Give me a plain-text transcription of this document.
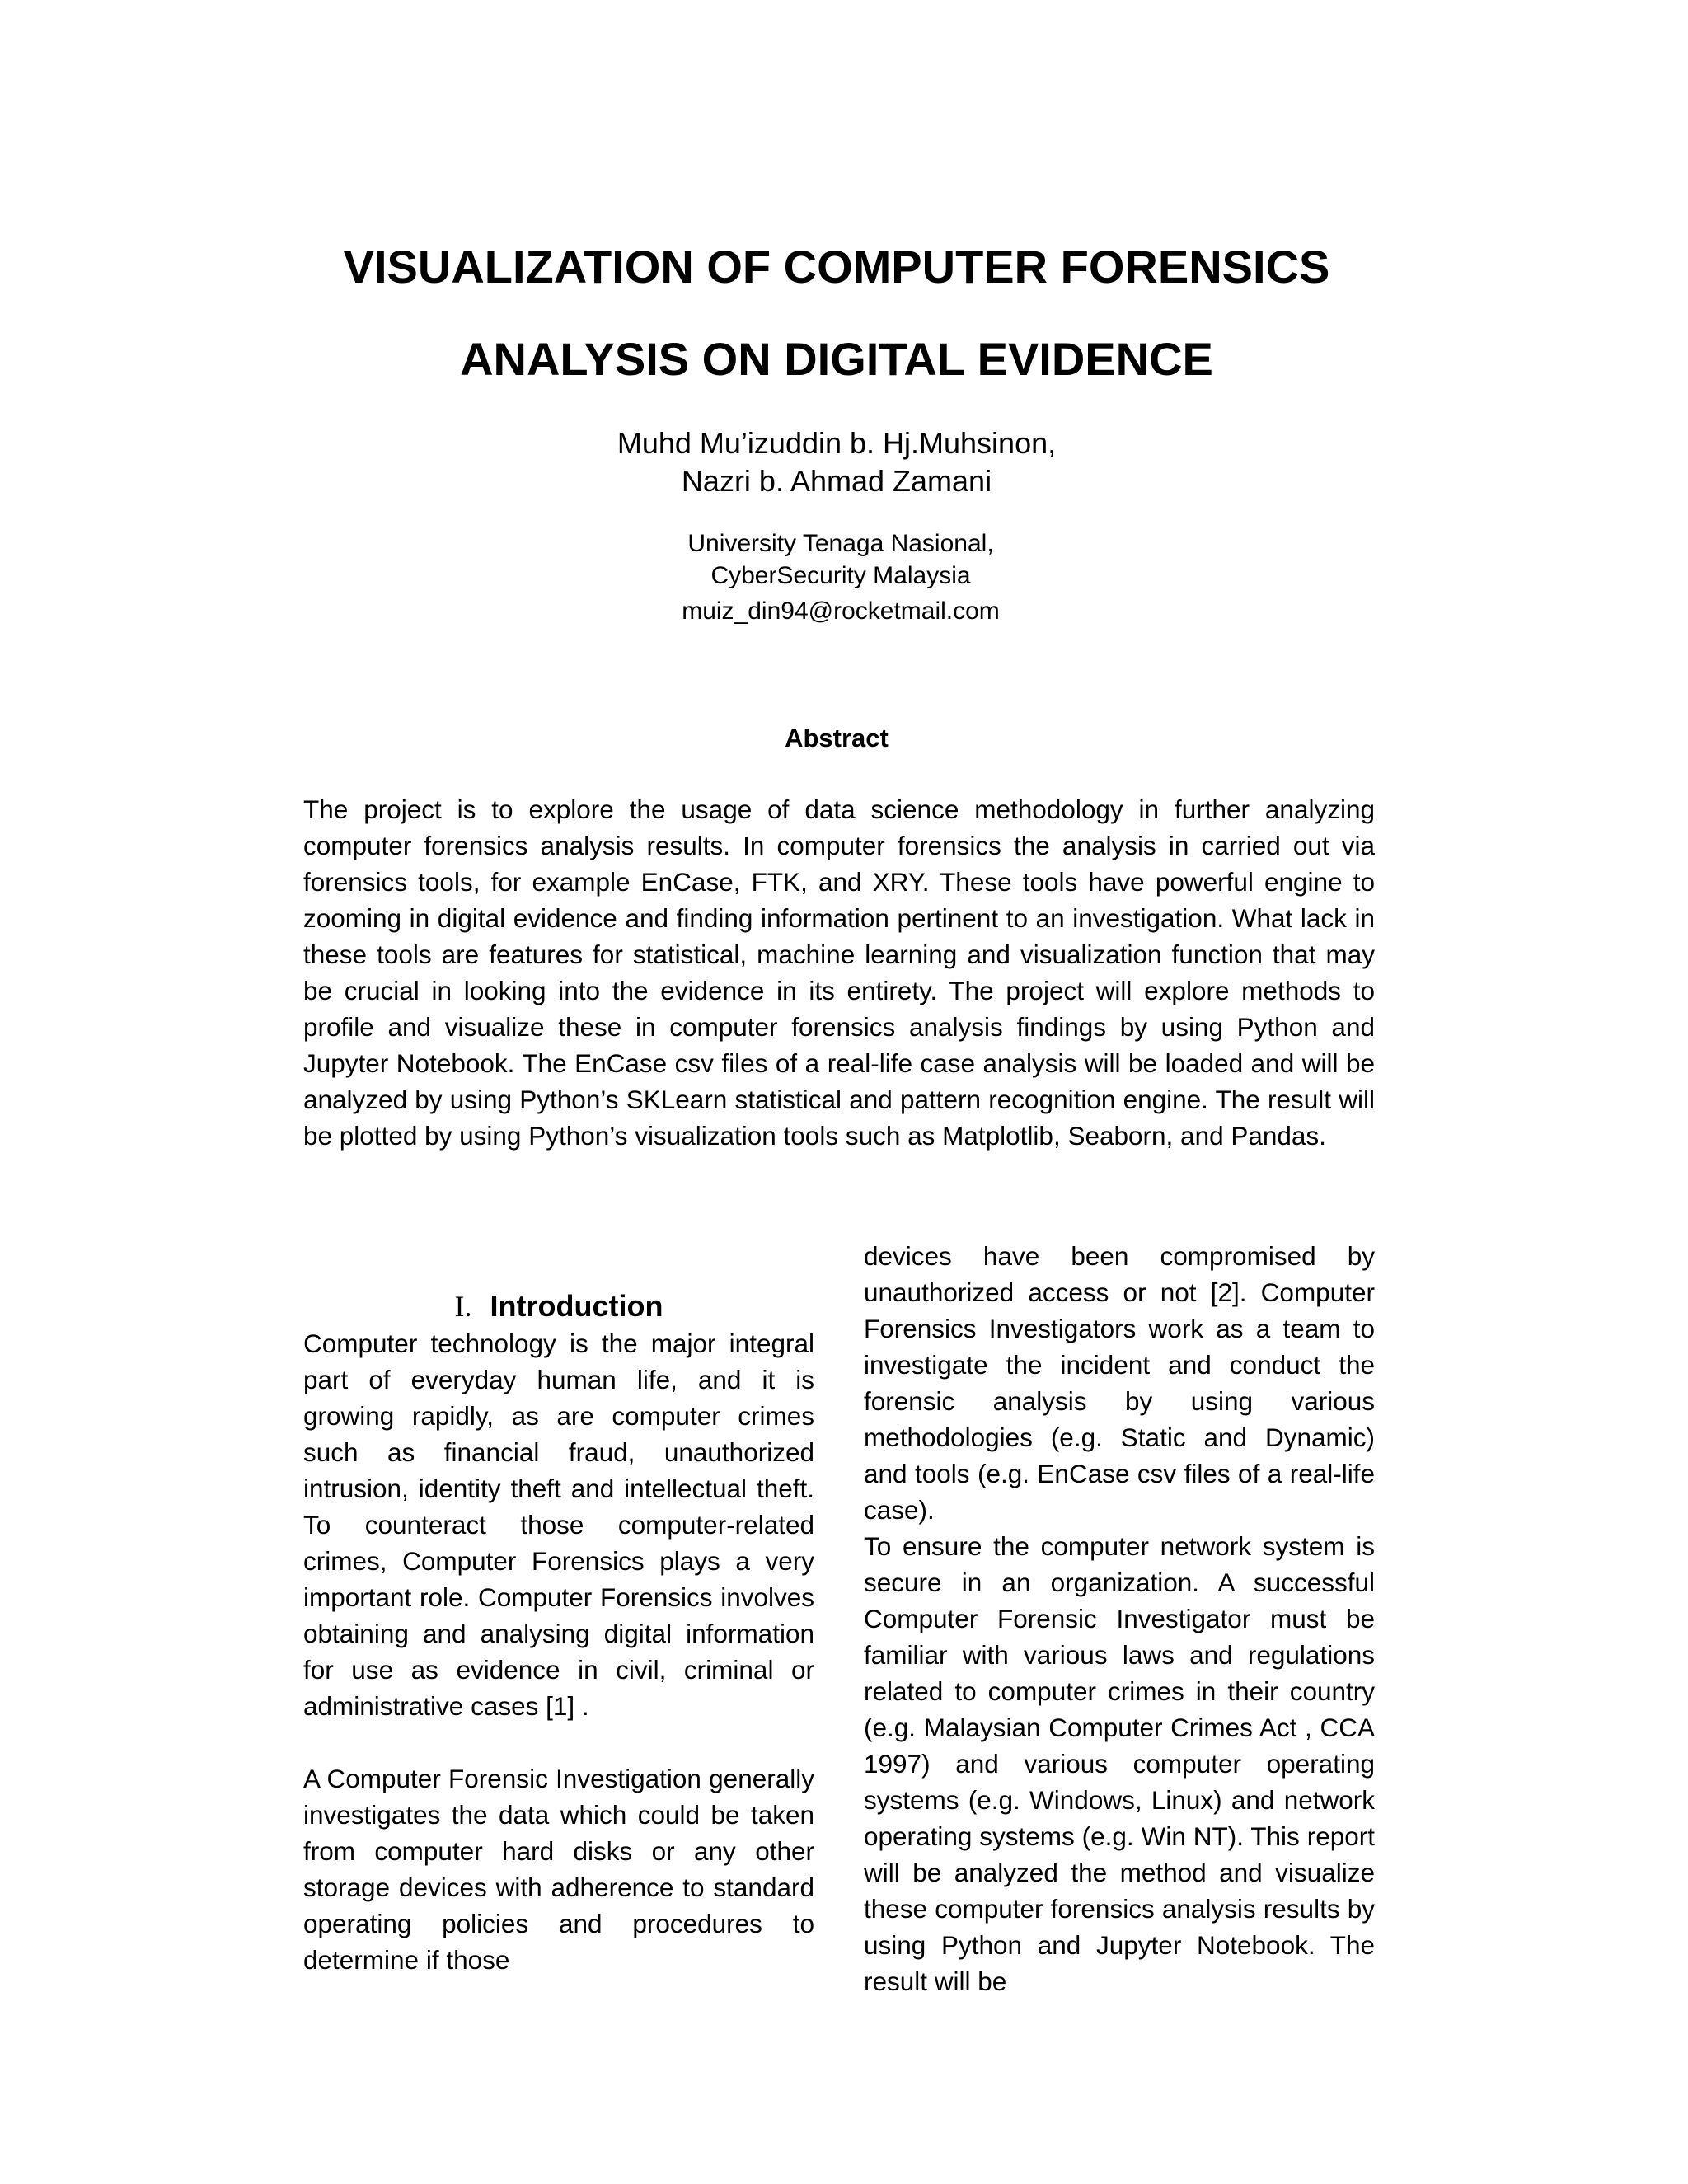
VISUALIZATION OF COMPUTER FORENSICS
ANALYSIS ON DIGITAL EVIDENCE
Muhd Mu’izuddin b. Hj.Muhsinon,
Nazri b. Ahmad Zamani
University Tenaga Nasional,
CyberSecurity Malaysia
muiz_din94@rocketmail.com
Abstract

The project is to explore the usage of data science methodology in further analyzing computer forensics analysis results. In computer forensics the analysis in carried out via forensics tools, for example EnCase, FTK, and XRY. These tools have powerful engine to zooming in digital evidence and finding information pertinent to an investigation. What lack in these tools are features for statistical, machine learning and visualization function that may be crucial in looking into the evidence in its entirety. The project will explore methods to profile and visualize these in computer forensics analysis findings by using Python and Jupyter Notebook. The EnCase csv files of a real-life case analysis will be loaded and will be analyzed by using Python’s SKLearn statistical and pattern recognition engine. The result will be plotted by using Python’s visualization tools such as Matplotlib, Seaborn, and Pandas.

I. Introduction

Computer technology is the major integral part of everyday human life, and it is growing rapidly, as are computer crimes such as financial fraud, unauthorized intrusion, identity theft and intellectual theft. To counteract those computer-related crimes, Computer Forensics plays a very important role. Computer Forensics involves obtaining and analysing digital information for use as evidence in civil, criminal or administrative cases [1] .

A Computer Forensic Investigation generally investigates the data which could be taken from computer hard disks or any other storage devices with adherence to standard operating policies and procedures to determine if those

devices have been compromised by unauthorized access or not [2]. Computer Forensics Investigators work as a team to investigate the incident and conduct the forensic analysis by using various methodologies (e.g. Static and Dynamic) and tools (e.g. EnCase csv files of a real-life case).

To ensure the computer network system is secure in an organization. A successful Computer Forensic Investigator must be familiar with various laws and regulations related to computer crimes in their country (e.g. Malaysian Computer Crimes Act , CCA 1997) and various computer operating systems (e.g. Windows, Linux) and network operating systems (e.g. Win NT). This report will be analyzed the method and visualize these computer forensics analysis results by using Python and Jupyter Notebook. The result will be
